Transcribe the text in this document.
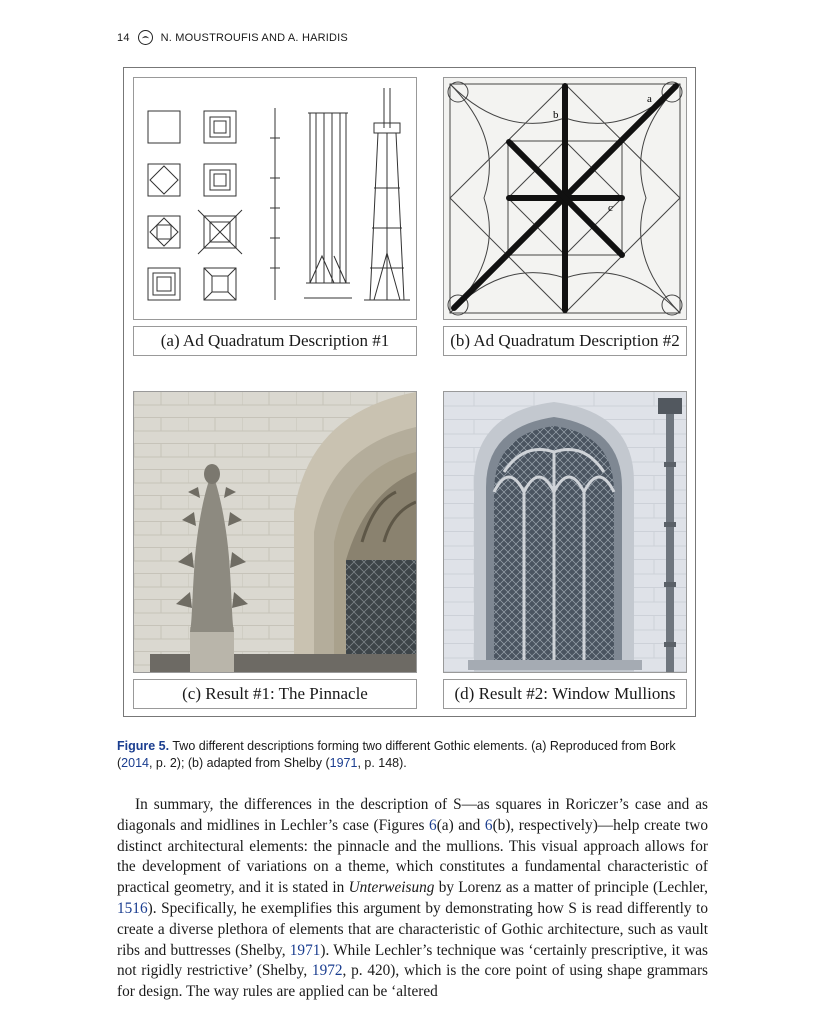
14	N. MOUSTROUFIS AND A. HARIDIS
(a) Ad Quadratum Description #1
a
b
c
(b) Ad Quadratum Description #2
(c) Result #1: The Pinnacle	(d) Result #2: Window Mullions
Figure 5. Two different descriptions forming two different Gothic elements. (a) Reproduced from Bork (2014, p. 2); (b) adapted from Shelby (1971, p. 148).

In summary, the differences in the description of S—as squares in Roriczer’s case and as diagonals and midlines in Lechler’s case (Figures 6(a) and 6(b), respectively)—help create two distinct architectural elements: the pinnacle and the mullions. This visual approach allows for the development of variations on a theme, which constitutes a fundamental characteristic of practical geometry, and it is stated in Unterweisung by Lorenz as a matter of principle (Lechler, 1516). Specifically, he exemplifies this argument by demonstrating how S is read differently to create a diverse plethora of elements that are characteristic of Gothic architecture, such as vault ribs and buttresses (Shelby, 1971). While Lechler’s technique was ‘certainly prescriptive, it was not rigidly restrictive’ (Shelby, 1972, p. 420), which is the core point of using shape grammars for design. The way rules are applied can be ‘altered
